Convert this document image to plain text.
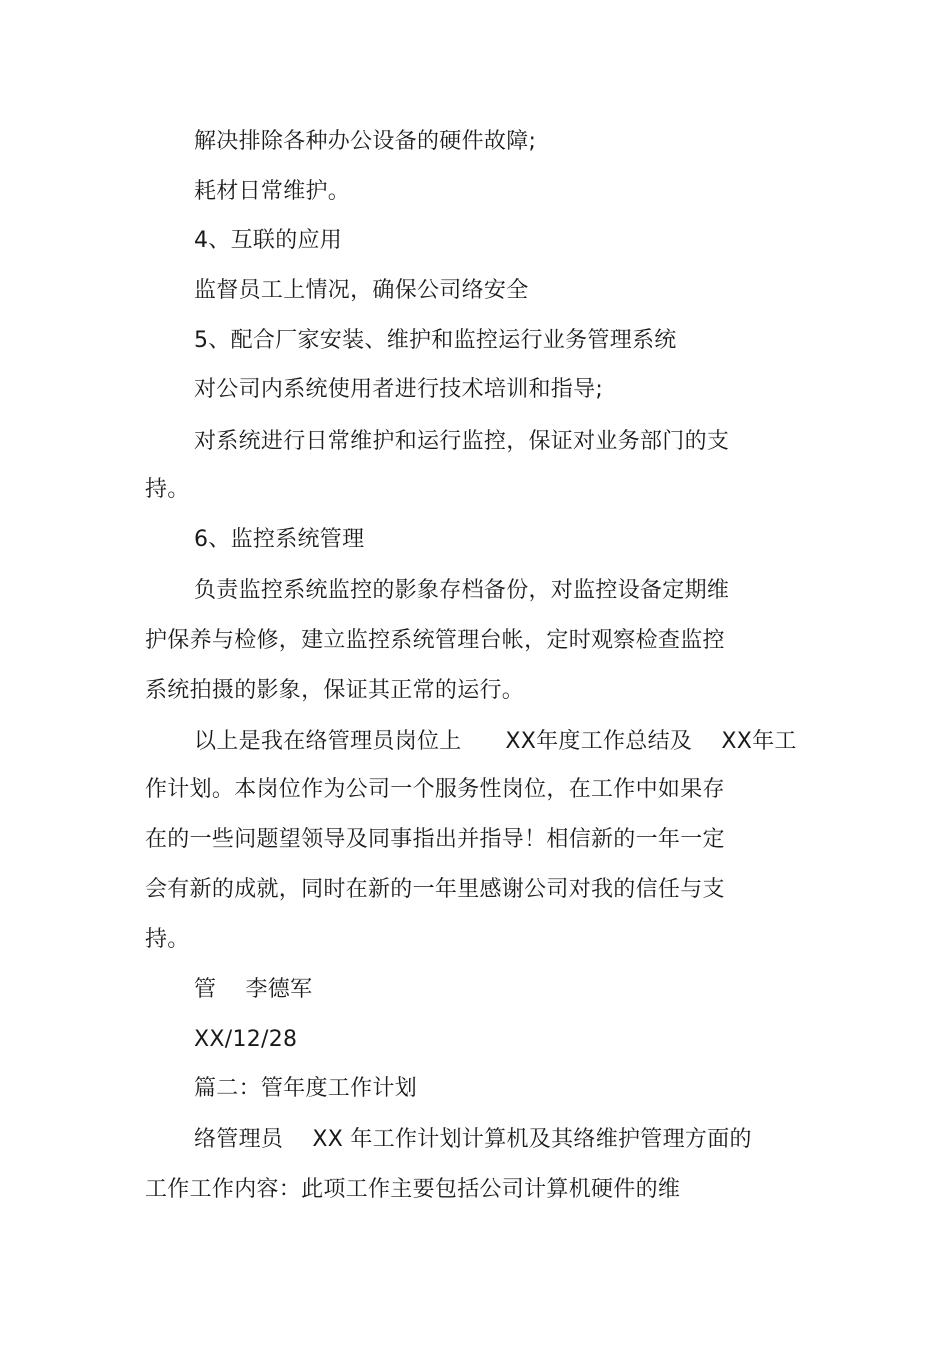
解决排除各种办公设备的硬件故障;
耗材日常维护。
4、互联的应用
监督员工上情况，确保公司络安全
5、配合厂家安装、维护和监控运行业务管理系统
对公司内系统使用者进行技术培训和指导;
对系统进行日常维护和运行监控，保证对业务部门的支
持。
6、监控系统管理
负责监控系统监控的影象存档备份，对监控设备定期维
护保养与检修，建立监控系统管理台帐，定时观察检查监控
系统拍摄的影象，保证其正常的运行。
以上是我在络管理员岗位上      XX年度工作总结及    XX年工
作计划。本岗位作为公司一个服务性岗位，在工作中如果存
在的一些问题望领导及同事指出并指导！相信新的一年一定
会有新的成就，同时在新的一年里感谢公司对我的信任与支
持。
管    李德军
XX/12/28
篇二：管年度工作计划
络管理员    XX 年工作计划计算机及其络维护管理方面的
工作工作内容：此项工作主要包括公司计算机硬件的维
